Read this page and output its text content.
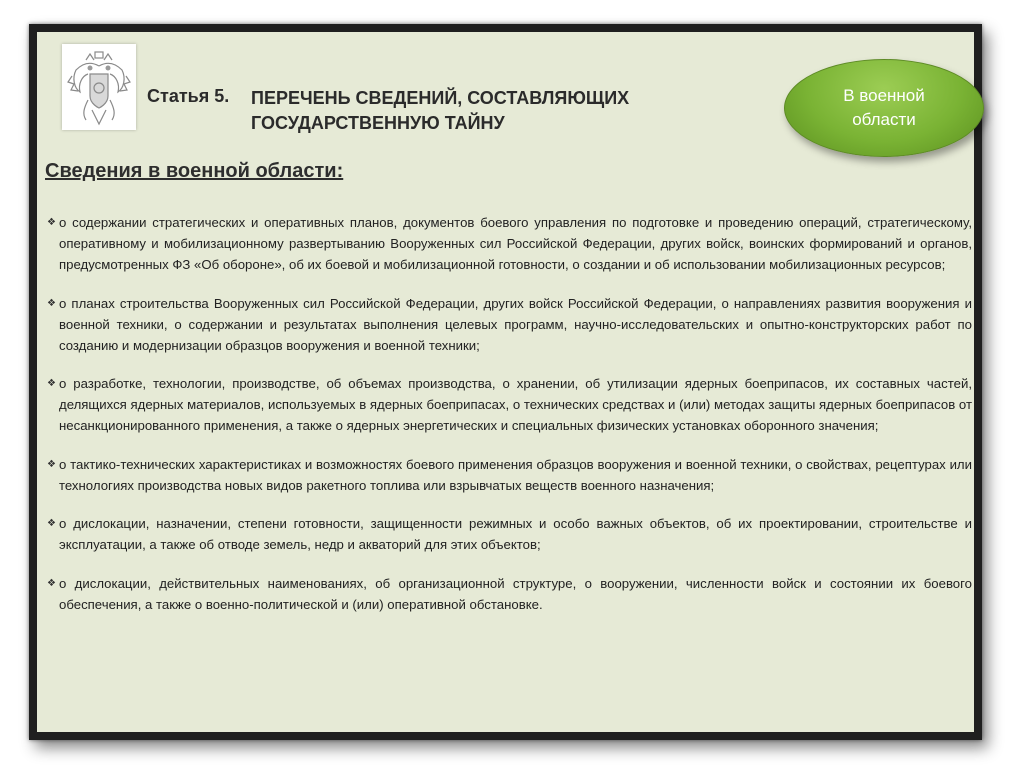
Статья 5. ПЕРЕЧЕНЬ СВЕДЕНИЙ, СОСТАВЛЯЮЩИХ
ГОСУДАРСТВЕННУЮ ТАЙНУ
В военной области
Сведения в военной области:
❖ о содержании стратегических и оперативных планов, документов боевого управления по подготовке и проведению операций, стратегическому, оперативному и мобилизационному развертыванию Вооруженных сил Российской Федерации, других войск, воинских формирований и органов, предусмотренных ФЗ «Об обороне», об их боевой и мобилизационной готовности, о создании и об использовании мобилизационных ресурсов;
❖ о планах строительства Вооруженных сил Российской Федерации, других войск Российской Федерации, о направлениях развития вооружения и военной техники, о содержании и результатах выполнения целевых программ, научно-исследовательских и опытно-конструкторских работ по созданию и модернизации образцов вооружения и военной техники;
❖ о разработке, технологии, производстве, об объемах производства, о хранении, об утилизации ядерных боеприпасов, их составных частей, делящихся ядерных материалов, используемых в ядерных боеприпасах, о технических средствах и (или) методах защиты ядерных боеприпасов от несанкционированного применения, а также о ядерных энергетических и специальных физических установках оборонного значения;
❖ о тактико-технических характеристиках и возможностях боевого применения образцов вооружения и военной техники, о свойствах, рецептурах или технологиях производства новых видов ракетного топлива или взрывчатых веществ военного назначения;
❖ о дислокации, назначении, степени готовности, защищенности режимных и особо важных объектов, об их проектировании, строительстве и эксплуатации, а также об отводе земель, недр и акваторий для этих объектов;
❖ о дислокации, действительных наименованиях, об организационной структуре, о вооружении, численности войск и состоянии их боевого обеспечения, а также о военно-политической и (или) оперативной обстановке.
